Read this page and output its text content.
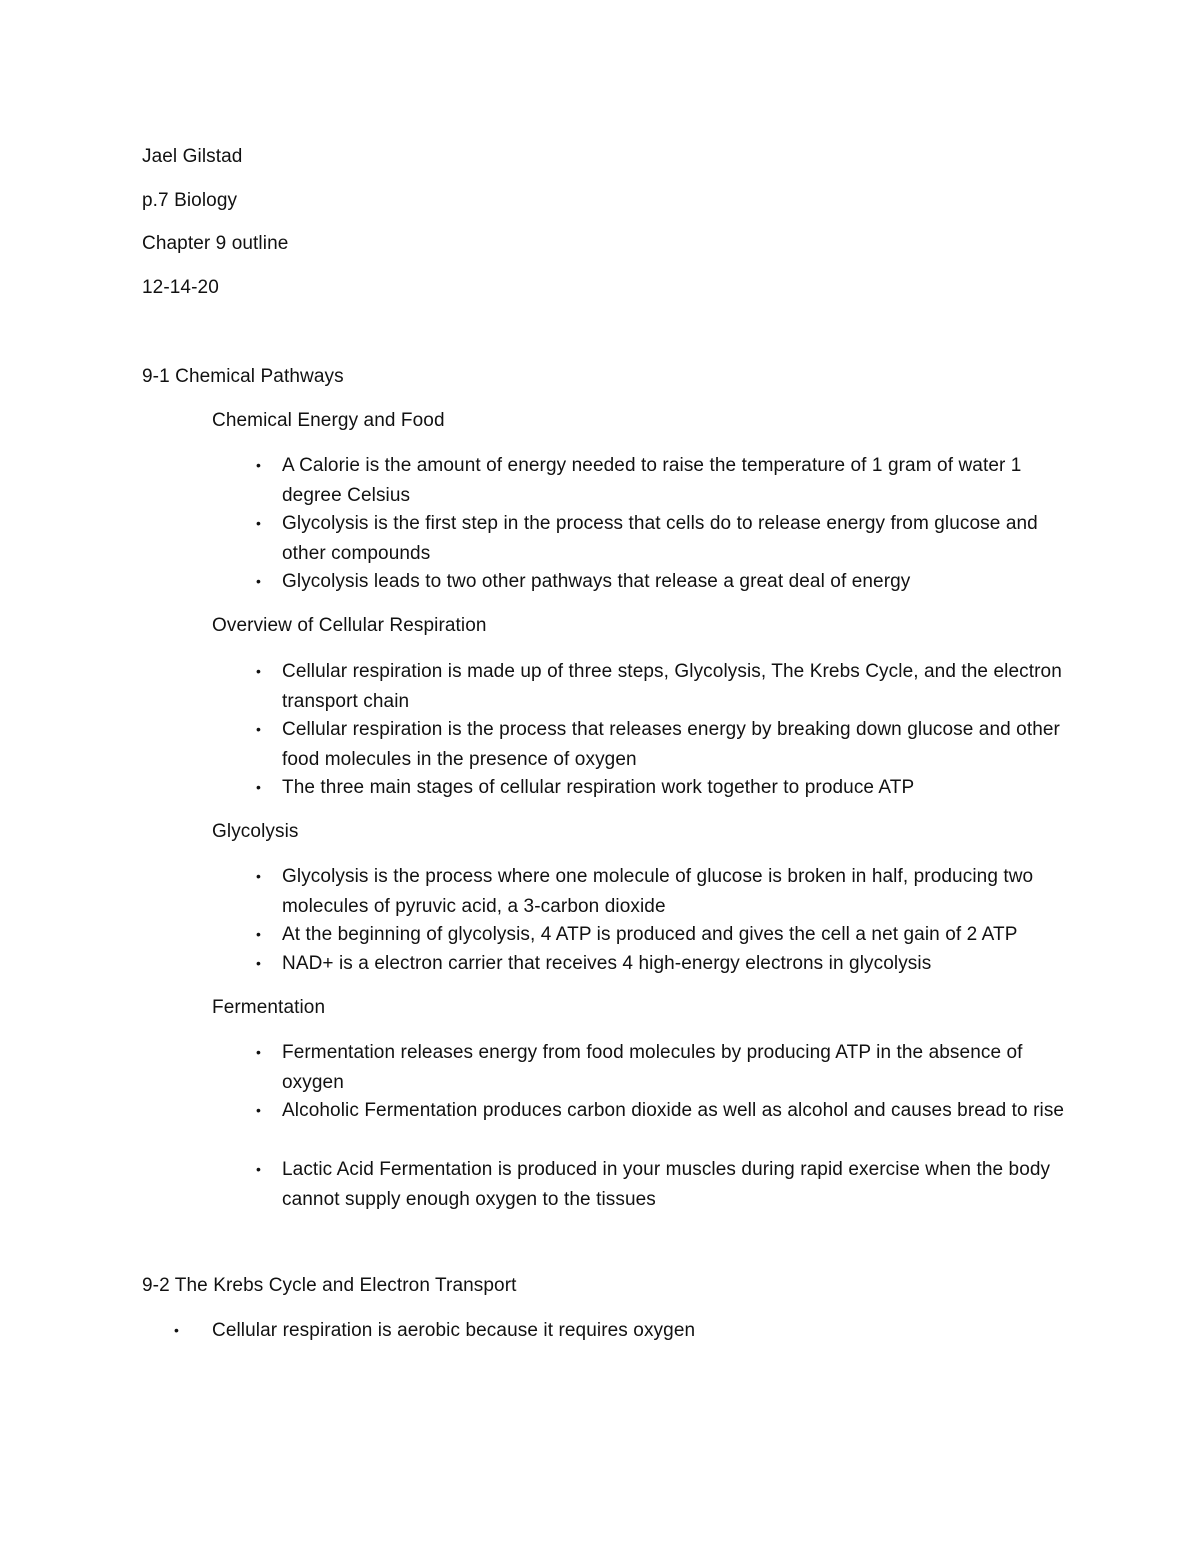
Jael Gilstad
p.7 Biology
Chapter 9 outline
12-14-20
9-1 Chemical Pathways
Chemical Energy and Food
• A Calorie is the amount of energy needed to raise the temperature of 1 gram of water 1 degree Celsius
• Glycolysis is the first step in the process that cells do to release energy from glucose and other compounds
• Glycolysis leads to two other pathways that release a great deal of energy
Overview of Cellular Respiration
• Cellular respiration is made up of three steps, Glycolysis, The Krebs Cycle, and the electron transport chain
• Cellular respiration is the process that releases energy by breaking down glucose and other food molecules in the presence of oxygen
• The three main stages of cellular respiration work together to produce ATP
Glycolysis
• Glycolysis is the process where one molecule of glucose is broken in half, producing two molecules of pyruvic acid, a 3-carbon dioxide
• At the beginning of glycolysis, 4 ATP is produced and gives the cell a net gain of 2 ATP
• NAD+ is a electron carrier that receives 4 high-energy electrons in glycolysis
Fermentation
• Fermentation releases energy from food molecules by producing ATP in the absence of oxygen
• Alcoholic Fermentation produces carbon dioxide as well as alcohol and causes bread to rise
• Lactic Acid Fermentation is produced in your muscles during rapid exercise when the body cannot supply enough oxygen to the tissues
9-2 The Krebs Cycle and Electron Transport
• Cellular respiration is aerobic because it requires oxygen
